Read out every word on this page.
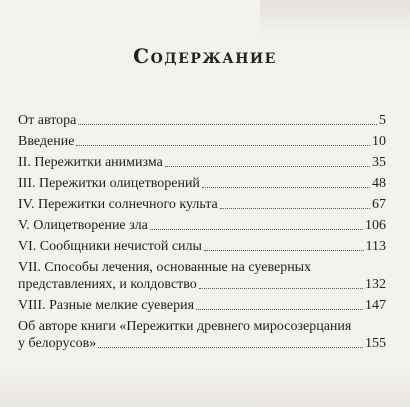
Содержание
От автора	5
Введение	10
II. Пережитки анимизма	35
III. Пережитки олицетворений	48
IV. Пережитки солнечного культа	67
V. Олицетворение зла	106
VI. Сообщники нечистой силы	113
VII. Способы лечения, основанные на суеверных
представлениях, и колдовство	132
VIII. Разные мелкие суеверия	147
Об авторе книги «Пережитки древнего миросозерцания
у белорусов»	155
